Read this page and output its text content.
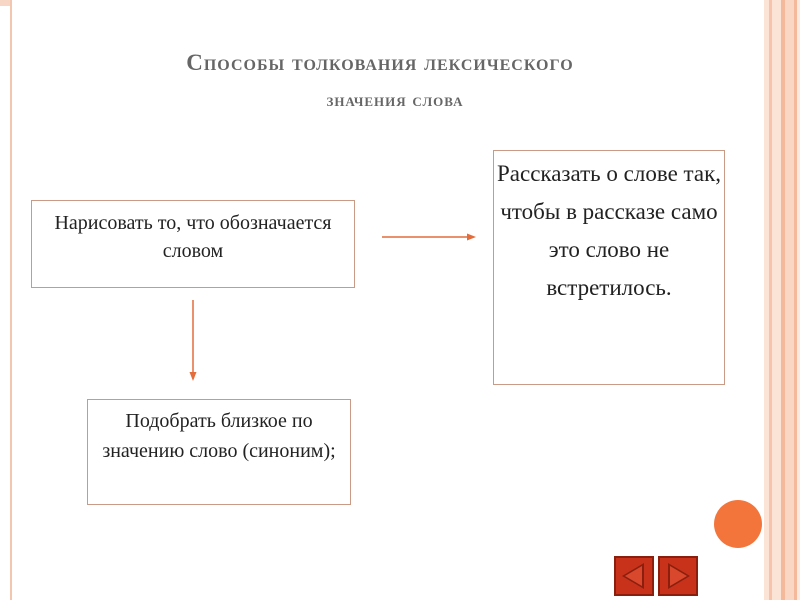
Способы толкования лексического
значения слова
Нарисовать то, что обозначается словом
Рассказать о слове так, чтобы в рассказе само это слово не встретилось.
Подобрать близкое по значению слово (синоним);
